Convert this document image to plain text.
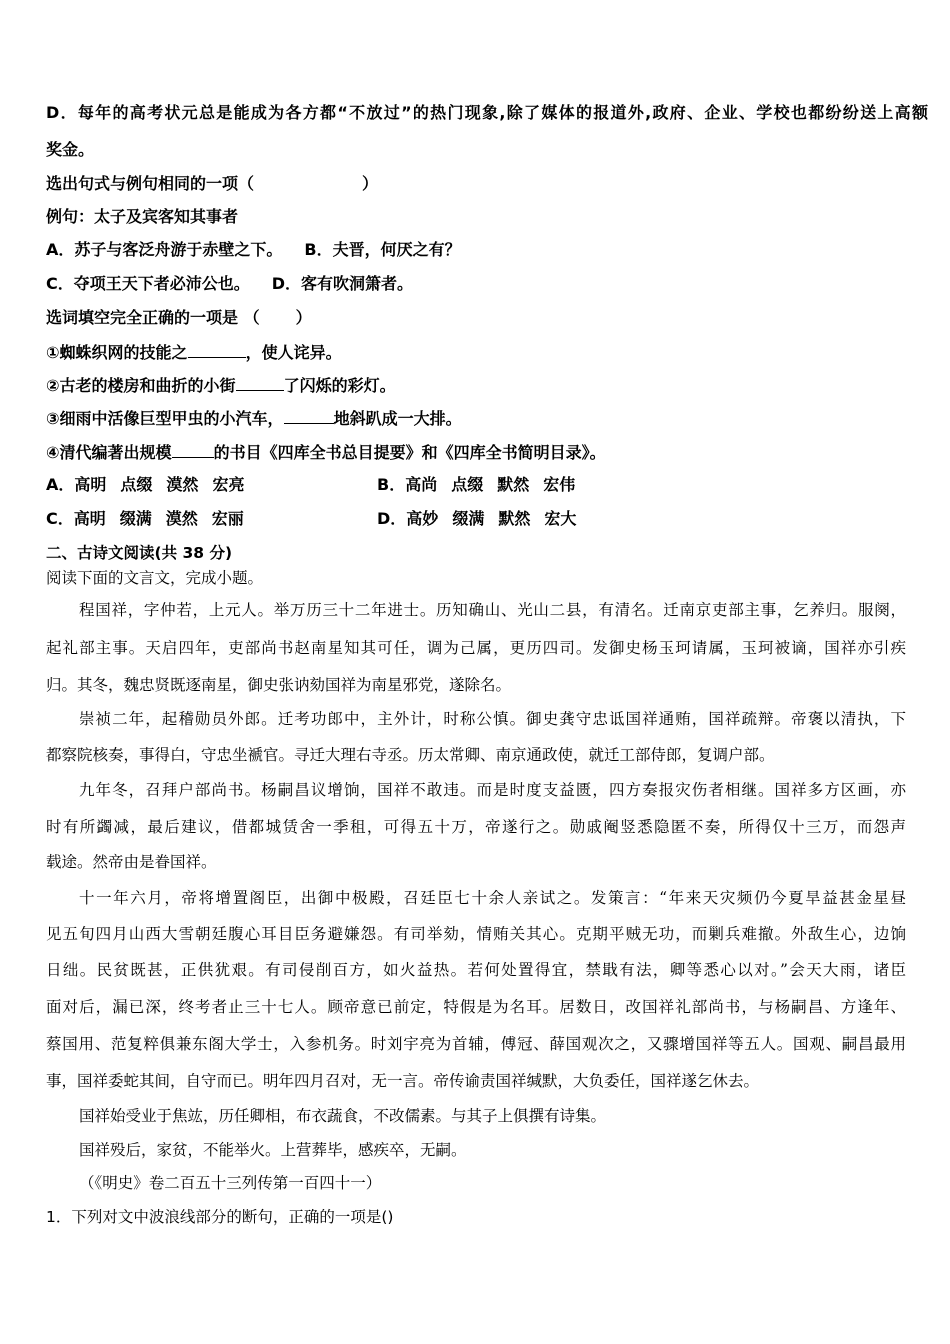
D．每年的高考状元总是能成为各方都“不放过”的热门现象,除了媒体的报道外,政府、企业、学校也都纷纷送上高额
奖金。
选出句式与例句相同的一项（	）
例句：太子及宾客知其事者
A．苏子与客泛舟游于赤壁之下。 B．夫晋，何厌之有？
C．夺项王天下者必沛公也。 D．客有吹洞箫者。
选词填空完全正确的一项是 （ ）
①蜘蛛织网的技能之	，使人诧异。
②古老的楼房和曲折的小街	了闪烁的彩灯。
③细雨中活像巨型甲虫的小汽车，	地斜趴成一大排。
④清代编著出规模	的书目《四库全书总目提要》和《四库全书简明目录》。
A．高明 点缀 漠然 宏亮	B．高尚 点缀 默然 宏伟
C．高明 缀满 漠然 宏丽	D．高妙 缀满 默然 宏大
二、古诗文阅读(共 38 分)
阅读下面的文言文，完成小题。
程国祥，字仲若，上元人。举万历三十二年进士。历知确山、光山二县，有清名。迁南京吏部主事，乞养归。服阕，
起礼部主事。天启四年，吏部尚书赵南星知其可任，调为己属，更历四司。发御史杨玉珂请属，玉珂被谪，国祥亦引疾
归。其冬，魏忠贤既逐南星，御史张讷劾国祥为南星邪党，遂除名。
崇祯二年，起稽勋员外郎。迁考功郎中，主外计，时称公慎。御史龚守忠诋国祥通贿，国祥疏辩。帝褒以清执，下
都察院核奏，事得白，守忠坐褫官。寻迁大理右寺丞。历太常卿、南京通政使，就迁工部侍郎，复调户部。
九年冬，召拜户部尚书。杨嗣昌议增饷，国祥不敢违。而是时度支益匮，四方奏报灾伤者相继。国祥多方区画，亦
时有所蠲减，最后建议，借都城赁舍一季租，可得五十万，帝遂行之。勋戚阉竖悉隐匿不奏，所得仅十三万，而怨声
载途。然帝由是眷国祥。
十一年六月，帝将增置阁臣，出御中极殿，召廷臣七十余人亲试之。发策言：“年来天灾频仍今夏旱益甚金星昼
见五旬四月山西大雪朝廷腹心耳目臣务避嫌怨。有司举劾，情贿关其心。克期平贼无功，而剿兵难撤。外敌生心，边饷
日绌。民贫既甚，正供犹艰。有司侵削百方，如火益热。若何处置得宜，禁戢有法，卿等悉心以对。”会天大雨，诸臣
面对后，漏已深，终考者止三十七人。顾帝意已前定，特假是为名耳。居数日，改国祥礼部尚书，与杨嗣昌、方逢年、
蔡国用、范复粹俱兼东阁大学士，入参机务。时刘宇亮为首辅，傅冠、薛国观次之，又骤增国祥等五人。国观、嗣昌最用
事，国祥委蛇其间，自守而已。明年四月召对，无一言。帝传谕责国祥缄默，大负委任，国祥遂乞休去。
国祥始受业于焦竑，历任卿相，布衣蔬食，不改儒素。与其子上俱撰有诗集。
国祥殁后，家贫，不能举火。上营葬毕，感疾卒，无嗣。
（《明史》卷二百五十三列传第一百四十一）
1．下列对文中波浪线部分的断句，正确的一项是()
